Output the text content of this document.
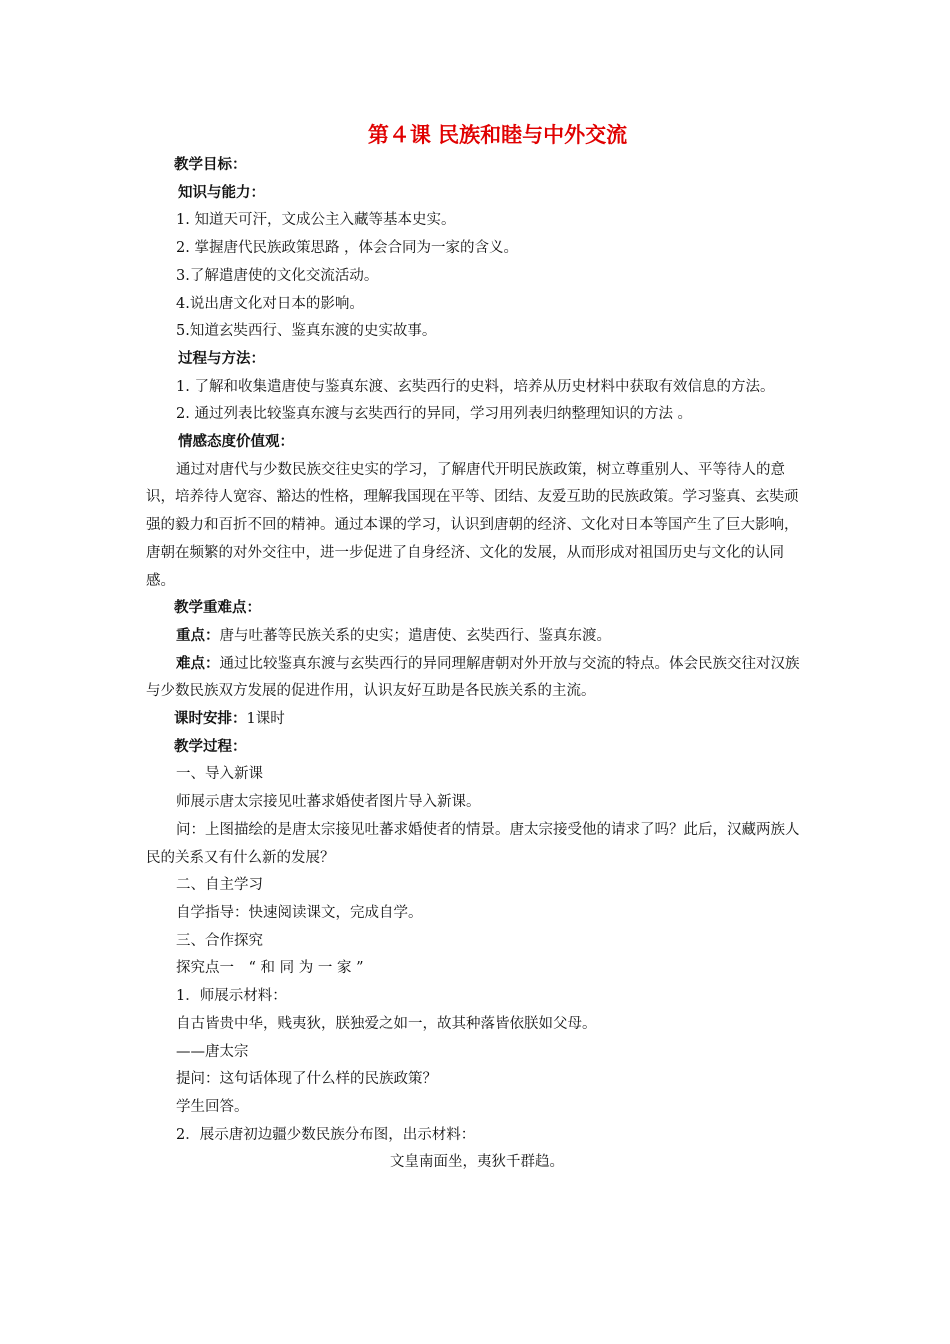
第４课 民族和睦与中外交流

教学目标：

知识与能力：

1. 知道天可汗，文成公主入藏等基本史实。

2. 掌握唐代民族政策思路 ，体会合同为一家的含义。

3.了解遣唐使的文化交流活动。

4.说出唐文化对日本的影响。

5.知道玄奘西行、鉴真东渡的史实故事。

过程与方法：

1. 了解和收集遣唐使与鉴真东渡、玄奘西行的史料，培养从历史材料中获取有效信息的方法。

2. 通过列表比较鉴真东渡与玄奘西行的异同，学习用列表归纳整理知识的方法 。

情感态度价值观：

通过对唐代与少数民族交往史实的学习，了解唐代开明民族政策，树立尊重别人、平等待人的意识，培养待人宽容、豁达的性格，理解我国现在平等、团结、友爱互助的民族政策。学习鉴真、玄奘顽强的毅力和百折不回的精神。通过本课的学习，认识到唐朝的经济、文化对日本等国产生了巨大影响，唐朝在频繁的对外交往中，进一步促进了自身经济、文化的发展，从而形成对祖国历史与文化的认同感。

教学重难点：

重点：唐与吐蕃等民族关系的史实；遣唐使、玄奘西行、鉴真东渡。

难点：通过比较鉴真东渡与玄奘西行的异同理解唐朝对外开放与交流的特点。体会民族交往对汉族与少数民族双方发展的促进作用，认识友好互助是各民族关系的主流。

课时安排：1课时

教学过程：

一、导入新课

师展示唐太宗接见吐蕃求婚使者图片导入新课。

问：上图描绘的是唐太宗接见吐蕃求婚使者的情景。唐太宗接受他的请求了吗？此后，汉藏两族人民的关系又有什么新的发展？

二、自主学习

自学指导：快速阅读课文，完成自学。

三、合作探究

探究点一　“ 和 同 为 一 家 ”

1．师展示材料：

自古皆贵中华，贱夷狄，朕独爱之如一，故其种落皆依朕如父母。

——唐太宗

提问：这句话体现了什么样的民族政策？

学生回答。

2．展示唐初边疆少数民族分布图，出示材料：

文皇南面坐，夷狄千群趋。
